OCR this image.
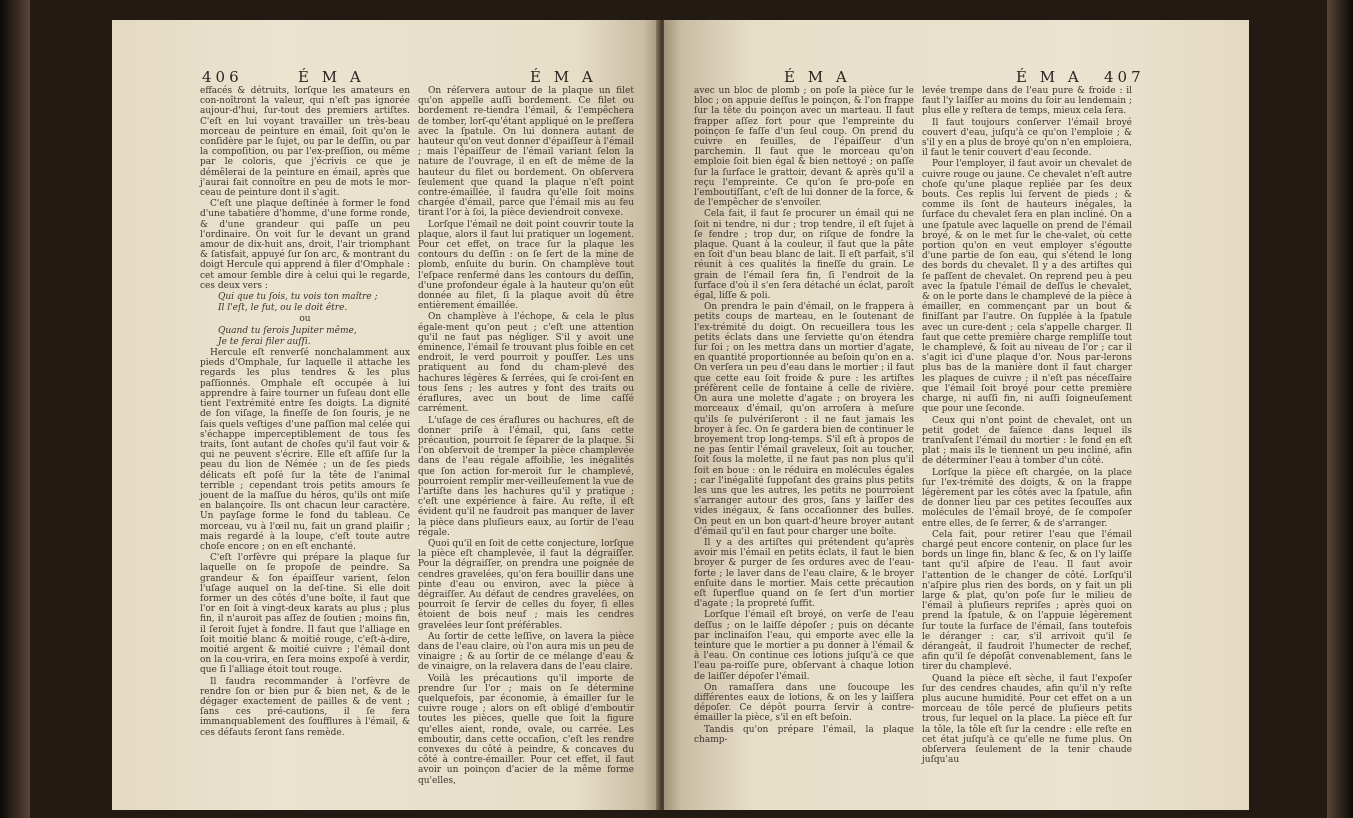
406	É M A	É M A

effacés & détruits, lorſque les amateurs en con-noîtront la valeur, qui n'eſt pas ignorée aujour-d'hui, ſur-tout des premiers artiſtes. C'eſt en lui voyant travailler un très-beau morceau de peinture en émail, ſoit qu'on le conſidère par le ſujet, ou par le deſſin, ou par la compoſition, ou par l'ex-preſſion, ou même par le coloris, que j'écrivis ce que je démêlerai de la peinture en émail, après que j'aurai fait connoître en peu de mots le mor-ceau de peinture dont il s'agit.

C'eſt une plaque deſtinée à former le fond d'une tabatière d'homme, d'une forme ronde, & d'une grandeur qui paſſe un peu l'ordinaire. On voit ſur le devant un grand amour de dix-huit ans, droit, l'air triomphant & ſatisfait, appuyé ſur ſon arc, & montrant du doigt Hercule qui apprend à filer d'Omphale : cet amour ſemble dire à celui qui le regarde, ces deux vers :

Qui que tu ſois, tu vois ton maître ;

Il l'eſt, le fut, ou le doit être.

ou

Quand tu ſerois Jupiter même,

Je te ferai filer auſſi.

Hercule eſt renverſé nonchalamment aux pieds d'Omphale, ſur laquelle il attache les regards les plus tendres & les plus paſſionnés. Omphale eſt occupée à lui apprendre à faire tourner un fuſeau dont elle tient l'extrémité entre ſes doigts. La dignité de ſon viſage, la fineſſe de ſon ſouris, je ne ſais quels veſtiges d'une paſſion mal celée qui s'échappe imperceptiblement de tous ſes traits, ſont autant de choſes qu'il faut voir & qui ne peuvent s'écrire. Elle eſt aſſiſe ſur la peau du lion de Némée ; un de ſes pieds délicats eſt poſé ſur la tête de l'animal terrible ; cependant trois petits amours ſe jouent de la maſſue du héros, qu'ils ont miſe en balançoire. Ils ont chacun leur caractère. Un payſage forme le fond du tableau. Ce morceau, vu à l'œil nu, fait un grand plaiſir ; mais regardé à la loupe, c'eſt toute autre choſe encore ; on en eſt enchanté.

C'eſt l'orfèvre qui prépare la plaque ſur laquelle on ſe propoſe de peindre. Sa grandeur & ſon épaiſſeur varient, ſelon l'uſage auquel on la deſ-tine. Si elle doit former un des côtés d'une boîte, il faut que l'or en ſoit à vingt-deux karats au plus ; plus fin, il n'auroit pas aſſez de ſoutien ; moins fin, il ſeroit ſujet à fondre. Il faut que l'alliage en ſoit moitié blanc & moitié rouge, c'eſt-à-dire, moitié argent & moitié cuivre ; l'émail dont on la cou-vrira, en ſera moins expoſé à verdir, que ſi l'alliage étoit tout rouge.

Il faudra recommander à l'orfèvre de rendre ſon or bien pur & bien net, & de le dégager exactement de pailles & de vent ; ſans ces pré-cautions, il ſe fera immanquablement des ſoufflures à l'émail, & ces défauts ſeront ſans remède.

On réſervera autour de la plaque un filet qu'on appelle auſſi bordement. Ce filet ou bordement re-tiendra l'émail, & l'empêchera de tomber, lorſ-qu'étant appliqué on le preſſera avec la ſpatule. On lui donnera autant de hauteur qu'on veut donner d'épaiſſeur à l'émail ; mais l'épaiſſeur de l'émail variant ſelon la nature de l'ouvrage, il en eſt de même de la hauteur du filet ou bordement. On obſervera ſeulement que quand la plaque n'eſt point contre-émaillée, il faudra qu'elle ſoit moins chargée d'émail, parce que l'émail mis au feu tirant l'or à ſoi, la pièce deviendroit convexe.

Lorſque l'émail ne doit point couvrir toute la plaque, alors il faut lui pratiquer un logement. Pour cet effet, on trace ſur la plaque les contours du deſſin : on ſe ſert de la mine de plomb, enſuite du burin. On champlève tout l'eſpace renfermé dans les contours du deſſin, d'une profondeur égale à la hauteur qu'on eût donnée au filet, ſi la plaque avoit dû être entièrement émaillée.

On champlève à l'échope, & cela le plus égale-ment qu'on peut ; c'eſt une attention qu'il ne faut pas négliger. S'il y avoit une éminence, l'émail ſe trouvant plus foible en cet endroit, le verd pourroit y pouſſer. Les uns pratiquent au fond du cham-plevé des hachures légères & ſerrées, qui ſe croi-ſent en tous ſens ; les autres y font des traits ou éraflures, avec un bout de lime caſſé carrément.

L'uſage de ces éraflures ou hachures, eſt de donner priſe à l'émail, qui, ſans cette précaution, pourroit ſe ſéparer de la plaque. Si l'on obſervoit de tremper la pièce champlevée dans de l'eau régale affoiblie, les inégalités que ſon action for-meroit ſur le champlevé, pourroient remplir mer-veilleuſement la vue de l'artiſte dans les hachures qu'il y pratique ; c'eſt une expérience à faire. Au reſte, il eſt évident qu'il ne faudroit pas manquer de laver la pièce dans pluſieurs eaux, au ſortir de l'eau régale.

Quoi qu'il en ſoit de cette conjecture, lorſque la pièce eſt champlevée, il faut la dégraiſſer. Pour la dégraiſſer, on prendra une poignée de cendres gravelées, qu'on fera bouillir dans une pinte d'eau ou environ, avec la pièce à dégraiſſer. Au défaut de cendres gravelées, on pourroit ſe ſervir de celles du foyer, ſi elles étoient de bois neuf ; mais les cendres gravelées leur ſont préférables.

Au ſortir de cette leſſive, on lavera la pièce dans de l'eau claire, où l'on aura mis un peu de vinaigre ; & au ſortir de ce mélange d'eau & de vinaigre, on la relavera dans de l'eau claire.

Voilà les précautions qu'il importe de prendre ſur l'or ; mais on ſe détermine quelquefois, par économie, à émailler ſur le cuivre rouge ; alors on eſt obligé d'emboutir toutes les pièces, quelle que ſoit la figure qu'elles aient, ronde, ovale, ou carrée. Les emboutir, dans cette occaſion, c'eſt les rendre convexes du côté à peindre, & concaves du côté à contre-émailler. Pour cet effet, il faut avoir un poinçon d'acier de la même forme qu'elles,

É M A	É M A 407

avec un bloc de plomb ; on poſe la pièce ſur le bloc ; on appuie deſſus le poinçon, & l'on frappe ſur la tête du poinçon avec un marteau. Il faut frapper aſſez fort pour que l'empreinte du poinçon ſe faſſe d'un ſeul coup. On prend du cuivre en feuilles, de l'épaiſſeur d'un parchemin. Il faut que le morceau qu'on emploie ſoit bien égal & bien nettoyé ; on paſſe ſur la ſurface le grattoir, devant & après qu'il a reçu l'empreinte. Ce qu'on ſe pro-poſe en l'emboutiſſant, c'eſt de lui donner de la force, & de l'empêcher de s'envoiler.

Cela fait, il faut ſe procurer un émail qui ne ſoit ni tendre, ni dur ; trop tendre, il eſt ſujet à ſe fendre ; trop dur, on riſque de fondre la plaque. Quant à la couleur, il faut que la pâte en ſoit d'un beau blanc de lait. Il eſt parfait, s'il réunit à ces qualités la fineſſe du grain. Le grain de l'émail ſera fin, ſi l'endroit de la ſurface d'où il s'en ſera détaché un éclat, paroît égal, liſſe & poli.

On prendra le pain d'émail, on le frappera à petits coups de marteau, en le ſoutenant de l'ex-trémité du doigt. On recueillera tous les petits éclats dans une ſerviette qu'on étendra ſur ſoi ; on les mettra dans un mortier d'agate, en quantité proportionnée au beſoin qu'on en a. On verſera un peu d'eau dans le mortier ; il faut que cette eau ſoit froide & pure : les artiſtes préfèrent celle de fontaine à celle de rivière. On aura une molette d'agate ; on broyera les morceaux d'émail, qu'on arroſera à meſure qu'ils ſe pulvériſeront : il ne faut jamais les broyer à ſec. On ſe gardera bien de continuer le broyement trop long-temps. S'il eſt à propos de ne pas ſentir l'émail graveleux, ſoit au toucher, ſoit ſous la molette, il ne faut pas non plus qu'il ſoit en boue : on le réduira en molécules égales ; car l'inégalité ſuppoſant des grains plus petits les uns que les autres, les petits ne pourroient s'arranger autour des gros, ſans y laiſſer des vides inégaux, & ſans occaſionner des bulles. On peut en un bon quart-d'heure broyer autant d'émail qu'il en faut pour charger une boîte.

Il y a des artiſtes qui prétendent qu'après avoir mis l'émail en petits éclats, il faut le bien broyer & purger de ſes ordures avec de l'eau-forte ; le laver dans de l'eau claire, & le broyer enſuite dans le mortier. Mais cette précaution eſt ſuperflue quand on ſe ſert d'un mortier d'agate ; la propreté ſuffit.

Lorſque l'émail eſt broyé, on verſe de l'eau deſſus ; on le laiſſe dépoſer ; puis on décante par inclinaiſon l'eau, qui emporte avec elle la teinture que le mortier a pu donner à l'émail & à l'eau. On continue ces lotions juſqu'à ce que l'eau pa-roiſſe pure, obſervant à chaque lotion de laiſſer dépoſer l'émail.

On ramaſſera dans une ſoucoupe les différentes eaux de lotions, & on les y laiſſera dépoſer. Ce dépôt pourra ſervir à contre-émailler la pièce, s'il en eſt beſoin.

Tandis qu'on prépare l'émail, la plaque champ-

levée trempe dans de l'eau pure & froide : il faut l'y laiſſer au moins du ſoir au lendemain ; plus elle y reſtera de temps, mieux cela ſera.

Il faut toujours conſerver l'émail broyé couvert d'eau, juſqu'à ce qu'on l'emploie ; & s'il y en a plus de broyé qu'on n'en emploiera, il faut le tenir couvert d'eau ſeconde.

Pour l'employer, il faut avoir un chevalet de cuivre rouge ou jaune. Ce chevalet n'eſt autre choſe qu'une plaque repliée par ſes deux bouts. Ces replis lui ſervent de pieds ; & comme ils ſont de hauteurs inégales, la ſurface du chevalet ſera en plan incliné. On a une ſpatule avec laquelle on prend de l'émail broyé, & on le met ſur le che-valet, où cette portion qu'on en veut employer s'égoutte d'une partie de ſon eau, qui s'étend le long des bords du chevalet. Il y a des artiſtes qui ſe paſſent de chevalet. On reprend peu à peu avec la ſpatule l'émail de deſſus le chevalet, & on le porte dans le champlevé de la pièce à émailler, en commençant par un bout & finiſſant par l'autre. On ſupplée à la ſpatule avec un cure-dent ; cela s'appelle charger. Il faut que cette première charge rempliſſe tout le champlevé, & ſoit au niveau de l'or ; car il s'agit ici d'une plaque d'or. Nous par-lerons plus bas de la manière dont il faut charger les plaques de cuivre ; il n'eſt pas néceſſaire que l'émail ſoit broyé pour cette première charge, ni auſſi fin, ni auſſi ſoigneuſement que pour une ſeconde.

Ceux qui n'ont point de chevalet, ont un petit godet de faïence dans lequel ils tranſvaſent l'émail du mortier : le fond en eſt plat ; mais ils le tiennent un peu incliné, afin de déterminer l'eau à tomber d'un côté.

Lorſque la pièce eſt chargée, on la place ſur l'ex-trémité des doigts, & on la frappe légèrement par les côtés avec la ſpatule, afin de donner lieu par ces petites ſecouſſes aux molécules de l'émail broyé, de ſe compoſer entre elles, de ſe ſerrer, & de s'arranger.

Cela fait, pour retirer l'eau que l'émail chargé peut encore contenir, on place ſur les bords un linge fin, blanc & ſec, & on l'y laiſſe tant qu'il aſpire de l'eau. Il faut avoir l'attention de le changer de côté. Lorſqu'il n'aſpire plus rien des bords, on y fait un pli large & plat, qu'on poſe ſur le milieu de l'émail à pluſieurs repriſes ; après quoi on prend la ſpatule, & on l'appuie légèrement ſur toute la ſurface de l'émail, ſans toutefois le déranger : car, s'il arrivoit qu'il ſe dérangeât, il faudroit l'humecter de rechef, afin qu'il ſe dépoſât convenablement, ſans le tirer du champlevé.

Quand la pièce eſt sèche, il faut l'expoſer ſur des cendres chaudes, afin qu'il n'y reſte plus aucune humidité. Pour cet effet on a un morceau de tôle percé de pluſieurs petits trous, ſur lequel on la place. La pièce eſt ſur la tôle, la tôle eſt ſur la cendre : elle reſte en cet état juſqu'à ce qu'elle ne fume plus. On obſervera ſeulement de la tenir chaude juſqu'au
